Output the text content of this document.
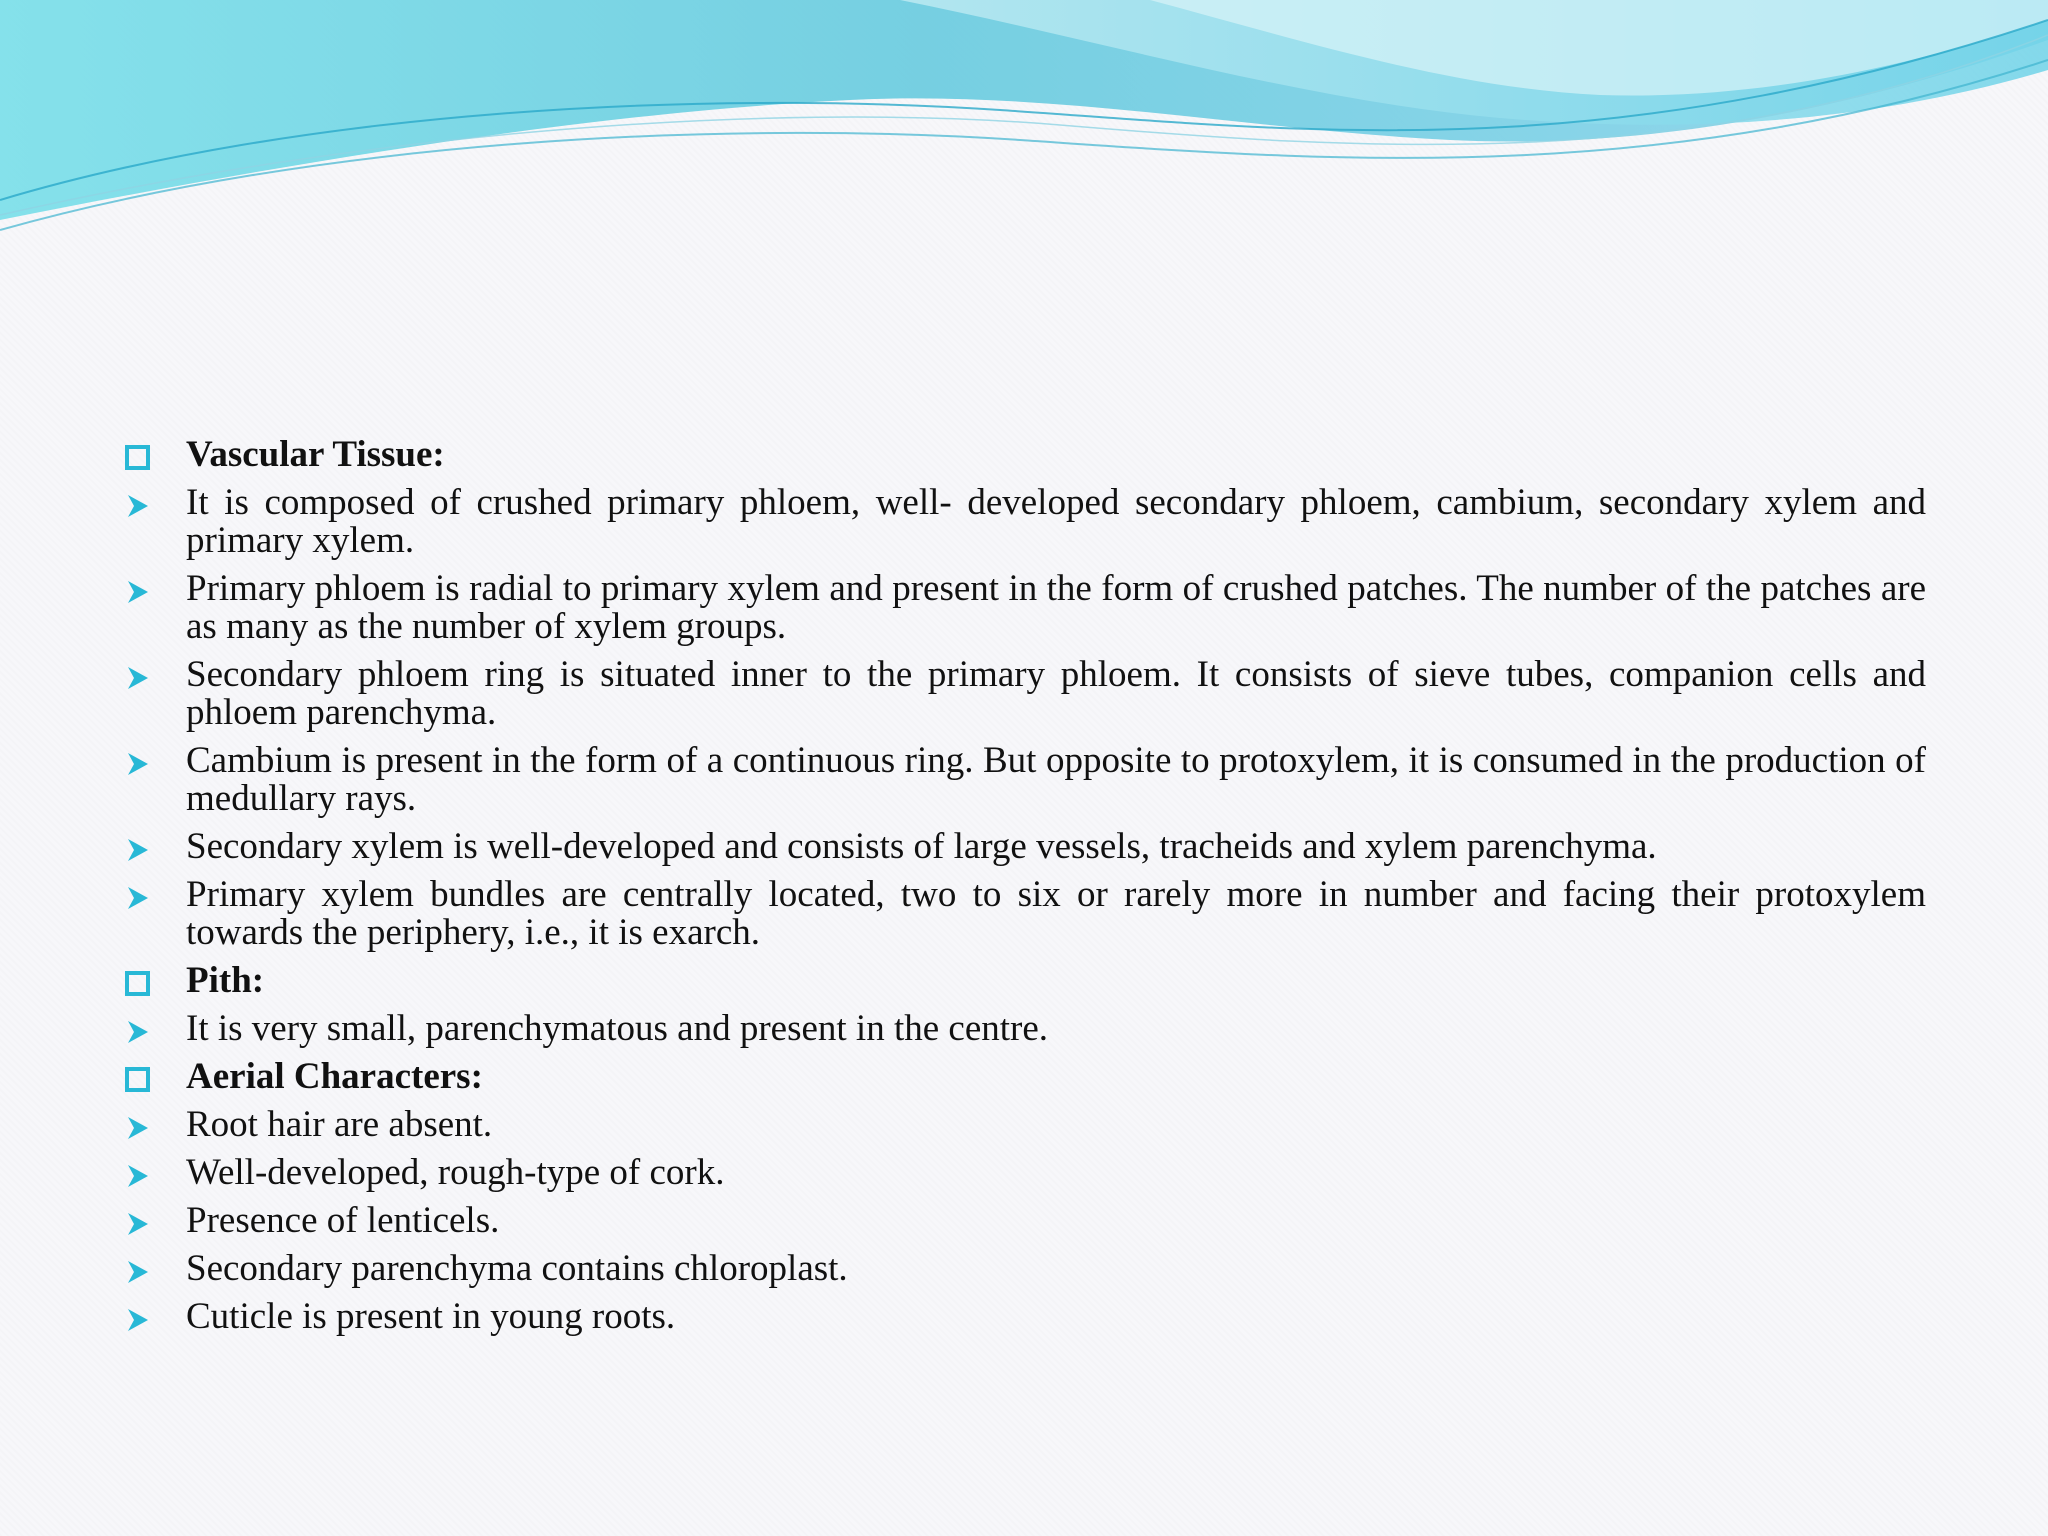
Vascular Tissue:
It is composed of crushed primary phloem, well- developed secondary phloem, cambium, secondary xylem and primary xylem.
Primary phloem is radial to primary xylem and present in the form of crushed patches. The number of the patches are as many as the number of xylem groups.
Secondary phloem ring is situated inner to the primary phloem. It consists of sieve tubes, companion cells and phloem parenchyma.
Cambium is present in the form of a continuous ring. But opposite to protoxylem, it is consumed in the production of medullary rays.
Secondary xylem is well-developed and consists of large vessels, tracheids and xylem parenchyma.
Primary xylem bundles are centrally located, two to six or rarely more in number and facing their protoxylem towards the periphery, i.e., it is exarch.
Pith:
It is very small, parenchymatous and present in the centre.
Aerial Characters:
Root hair are absent.
Well-developed, rough-type of cork.
Presence of lenticels.
Secondary parenchyma contains chloroplast.
Cuticle is present in young roots.
